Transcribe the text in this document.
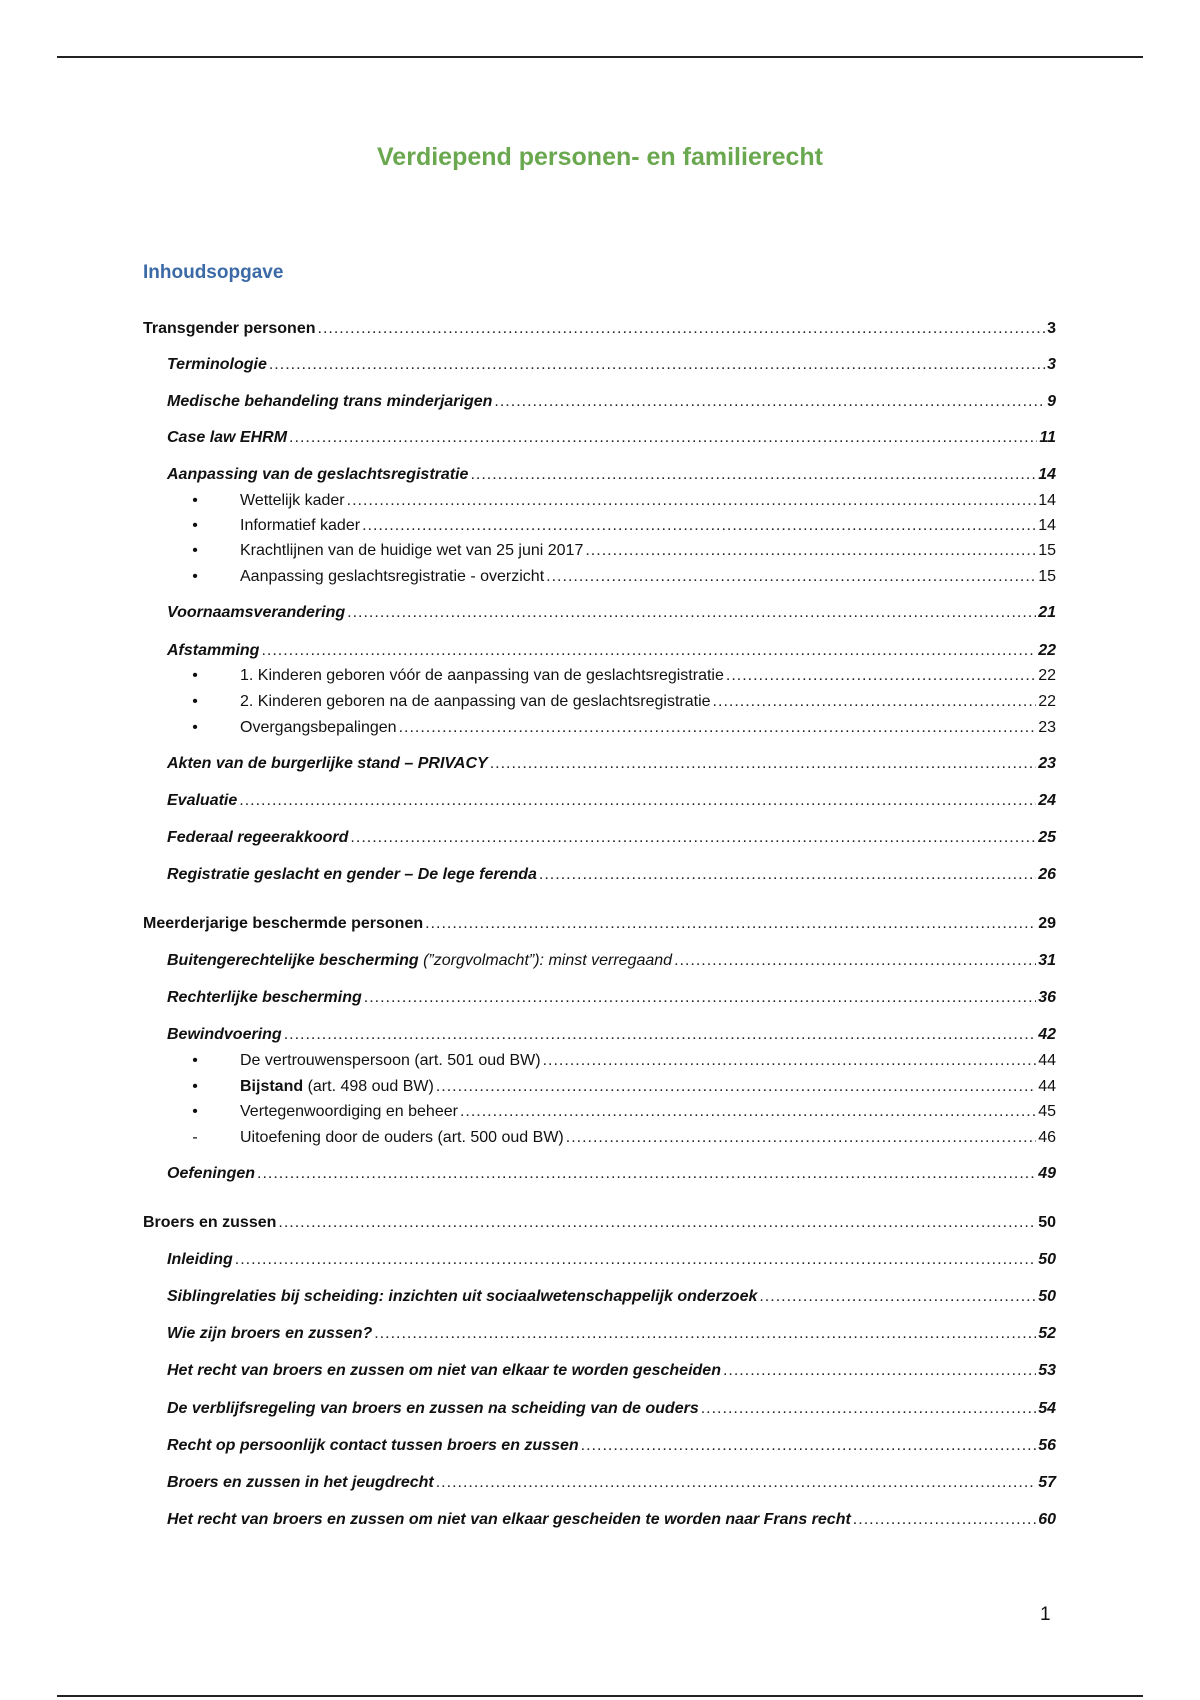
Verdiepend personen- en familierecht
Inhoudsopgave
Transgender personen .....	3
Terminologie .....	3
Medische behandeling trans minderjarigen .....	9
Case law EHRM .....	11
Aanpassing van de geslachtsregistratie .....	14
•	Wettelijk kader .....	14
•	Informatief kader .....	14
•	Krachtlijnen van de huidige wet van 25 juni 2017 .....	15
•	Aanpassing geslachtsregistratie - overzicht .....	15
Voornaamsverandering .....	21
Afstamming .....	22
•	1. Kinderen geboren vóór de aanpassing van de geslachtsregistratie .....	22
•	2. Kinderen geboren na de aanpassing van de geslachtsregistratie .....	22
•	Overgangsbepalingen .....	23
Akten van de burgerlijke stand – PRIVACY .....	23
Evaluatie .....	24
Federaal regeerakkoord .....	25
Registratie geslacht en gender – De lege ferenda .....	26
Meerderjarige beschermde personen .....	29
Buitengerechtelijke bescherming (”zorgvolmacht”): minst verregaand .....	31
Rechterlijke bescherming .....	36
Bewindvoering .....	42
•	De vertrouwenspersoon (art. 501 oud BW) .....	44
•	Bijstand (art. 498 oud BW) .....	44
•	Vertegenwoordiging en beheer .....	45
-	Uitoefening door de ouders (art. 500 oud BW) .....	46
Oefeningen .....	49
Broers en zussen .....	50
Inleiding .....	50
Siblingrelaties bij scheiding: inzichten uit sociaalwetenschappelijk onderzoek .....	50
Wie zijn broers en zussen? .....	52
Het recht van broers en zussen om niet van elkaar te worden gescheiden .....	53
De verblijfsregeling van broers en zussen na scheiding van de ouders .....	54
Recht op persoonlijk contact tussen broers en zussen .....	56
Broers en zussen in het jeugdrecht .....	57
Het recht van broers en zussen om niet van elkaar gescheiden te worden naar Frans recht .....	60
1
